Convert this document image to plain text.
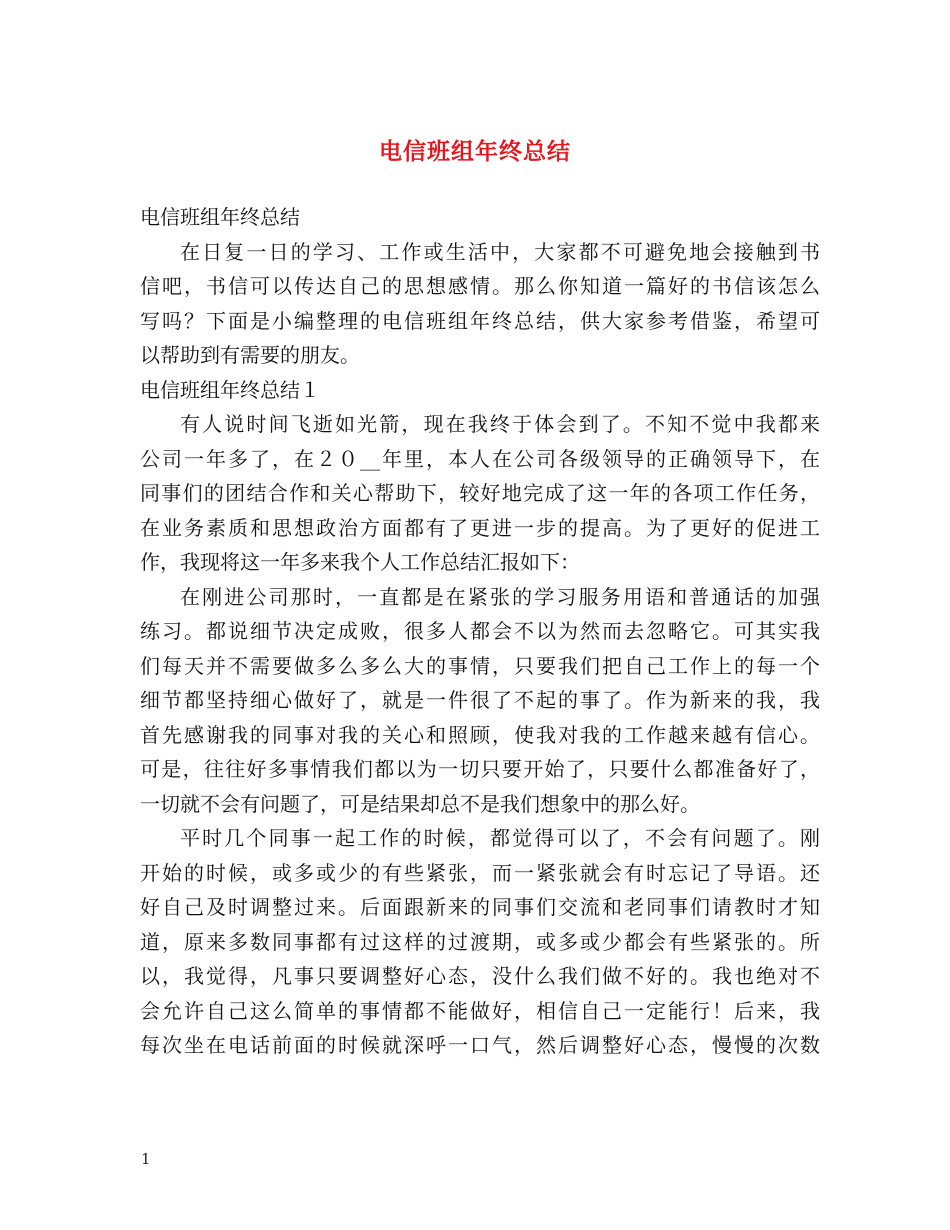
电信班组年终总结

电信班组年终总结

在日复一日的学习、工作或生活中，大家都不可避免地会接触到书

信吧，书信可以传达自己的思想感情。那么你知道一篇好的书信该怎么

写吗？下面是小编整理的电信班组年终总结，供大家参考借鉴，希望可

以帮助到有需要的朋友。

电信班组年终总结１

有人说时间飞逝如光箭，现在我终于体会到了。不知不觉中我都来

公司一年多了，在２０__年里，本人在公司各级领导的正确领导下，在

同事们的团结合作和关心帮助下，较好地完成了这一年的各项工作任务，

在业务素质和思想政治方面都有了更进一步的提高。为了更好的促进工

作，我现将这一年多来我个人工作总结汇报如下：

在刚进公司那时，一直都是在紧张的学习服务用语和普通话的加强

练习。都说细节决定成败，很多人都会不以为然而去忽略它。可其实我

们每天并不需要做多么多么大的事情，只要我们把自己工作上的每一个

细节都坚持细心做好了，就是一件很了不起的事了。作为新来的我，我

首先感谢我的同事对我的关心和照顾，使我对我的工作越来越有信心。

可是，往往好多事情我们都以为一切只要开始了，只要什么都准备好了，

一切就不会有问题了，可是结果却总不是我们想象中的那么好。

平时几个同事一起工作的时候，都觉得可以了，不会有问题了。刚

开始的时候，或多或少的有些紧张，而一紧张就会有时忘记了导语。还

好自己及时调整过来。后面跟新来的同事们交流和老同事们请教时才知

道，原来多数同事都有过这样的过渡期，或多或少都会有些紧张的。所

以，我觉得，凡事只要调整好心态，没什么我们做不好的。我也绝对不

会允许自己这么简单的事情都不能做好，相信自己一定能行！后来，我

每次坐在电话前面的时候就深呼一口气，然后调整好心态，慢慢的次数

1
